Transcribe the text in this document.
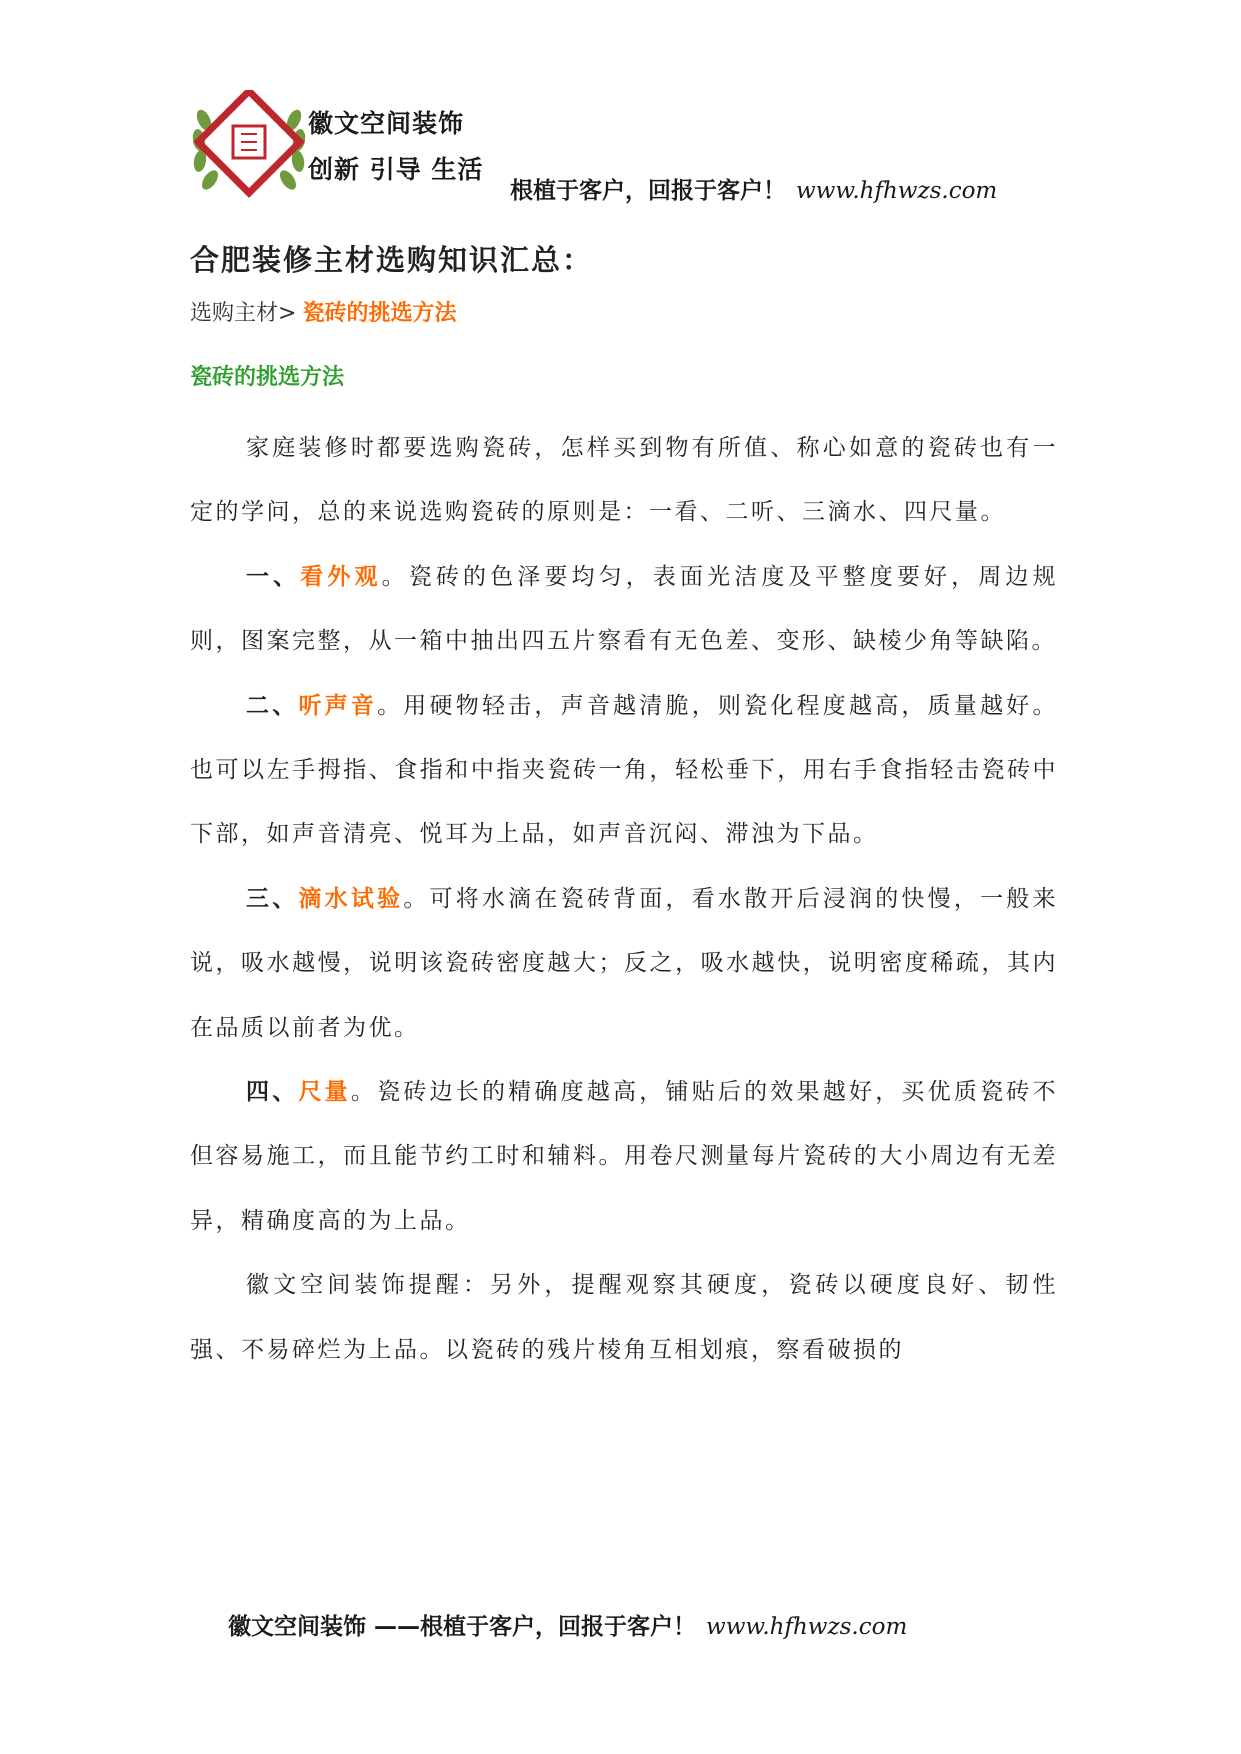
徽文空间装饰
创新 引导 生活
根植于客户，回报于客户！ www.hfhwzs.com
合肥装修主材选购知识汇总：
选购主材> 瓷砖的挑选方法
瓷砖的挑选方法

家庭装修时都要选购瓷砖，怎样买到物有所值、称心如意的瓷砖也有一定的学问，总的来说选购瓷砖的原则是：一看、二听、三滴水、四尺量。

一、看外观。瓷砖的色泽要均匀，表面光洁度及平整度要好，周边规则，图案完整，从一箱中抽出四五片察看有无色差、变形、缺棱少角等缺陷。

二、听声音。用硬物轻击，声音越清脆，则瓷化程度越高，质量越好。也可以左手拇指、食指和中指夹瓷砖一角，轻松垂下，用右手食指轻击瓷砖中下部，如声音清亮、悦耳为上品，如声音沉闷、滞浊为下品。

三、滴水试验。可将水滴在瓷砖背面，看水散开后浸润的快慢，一般来说，吸水越慢，说明该瓷砖密度越大；反之，吸水越快，说明密度稀疏，其内在品质以前者为优。

四、尺量。瓷砖边长的精确度越高，铺贴后的效果越好，买优质瓷砖不但容易施工，而且能节约工时和辅料。用卷尺测量每片瓷砖的大小周边有无差异，精确度高的为上品。

徽文空间装饰提醒：另外，提醒观察其硬度，瓷砖以硬度良好、韧性强、不易碎烂为上品。以瓷砖的残片棱角互相划痕，察看破损的

徽文空间装饰 ——根植于客户，回报于客户！ www.hfhwzs.com
